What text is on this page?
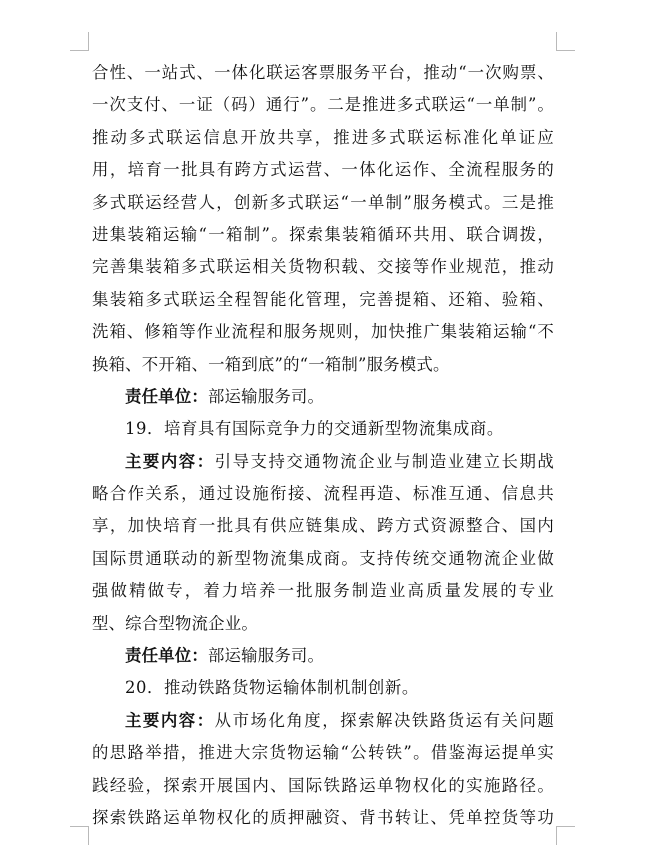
合性、一站式、一体化联运客票服务平台，推动“一次购票、
一次支付、一证（码）通行”。二是推进多式联运“一单制”。
推动多式联运信息开放共享，推进多式联运标准化单证应
用，培育一批具有跨方式运营、一体化运作、全流程服务的
多式联运经营人，创新多式联运“一单制”服务模式。三是推
进集装箱运输“一箱制”。探索集装箱循环共用、联合调拨，
完善集装箱多式联运相关货物积载、交接等作业规范，推动
集装箱多式联运全程智能化管理，完善提箱、还箱、验箱、
洗箱、修箱等作业流程和服务规则，加快推广集装箱运输“不
换箱、不开箱、一箱到底”的“一箱制”服务模式。
责任单位：部运输服务司。
19．培育具有国际竞争力的交通新型物流集成商。
主要内容：引导支持交通物流企业与制造业建立长期战
略合作关系，通过设施衔接、流程再造、标准互通、信息共
享，加快培育一批具有供应链集成、跨方式资源整合、国内
国际贯通联动的新型物流集成商。支持传统交通物流企业做
强做精做专，着力培养一批服务制造业高质量发展的专业
型、综合型物流企业。
责任单位：部运输服务司。
20．推动铁路货物运输体制机制创新。
主要内容：从市场化角度，探索解决铁路货运有关问题
的思路举措，推进大宗货物运输“公转铁”。借鉴海运提单实
践经验，探索开展国内、国际铁路运单物权化的实施路径。
探索铁路运单物权化的质押融资、背书转让、凭单控货等功
